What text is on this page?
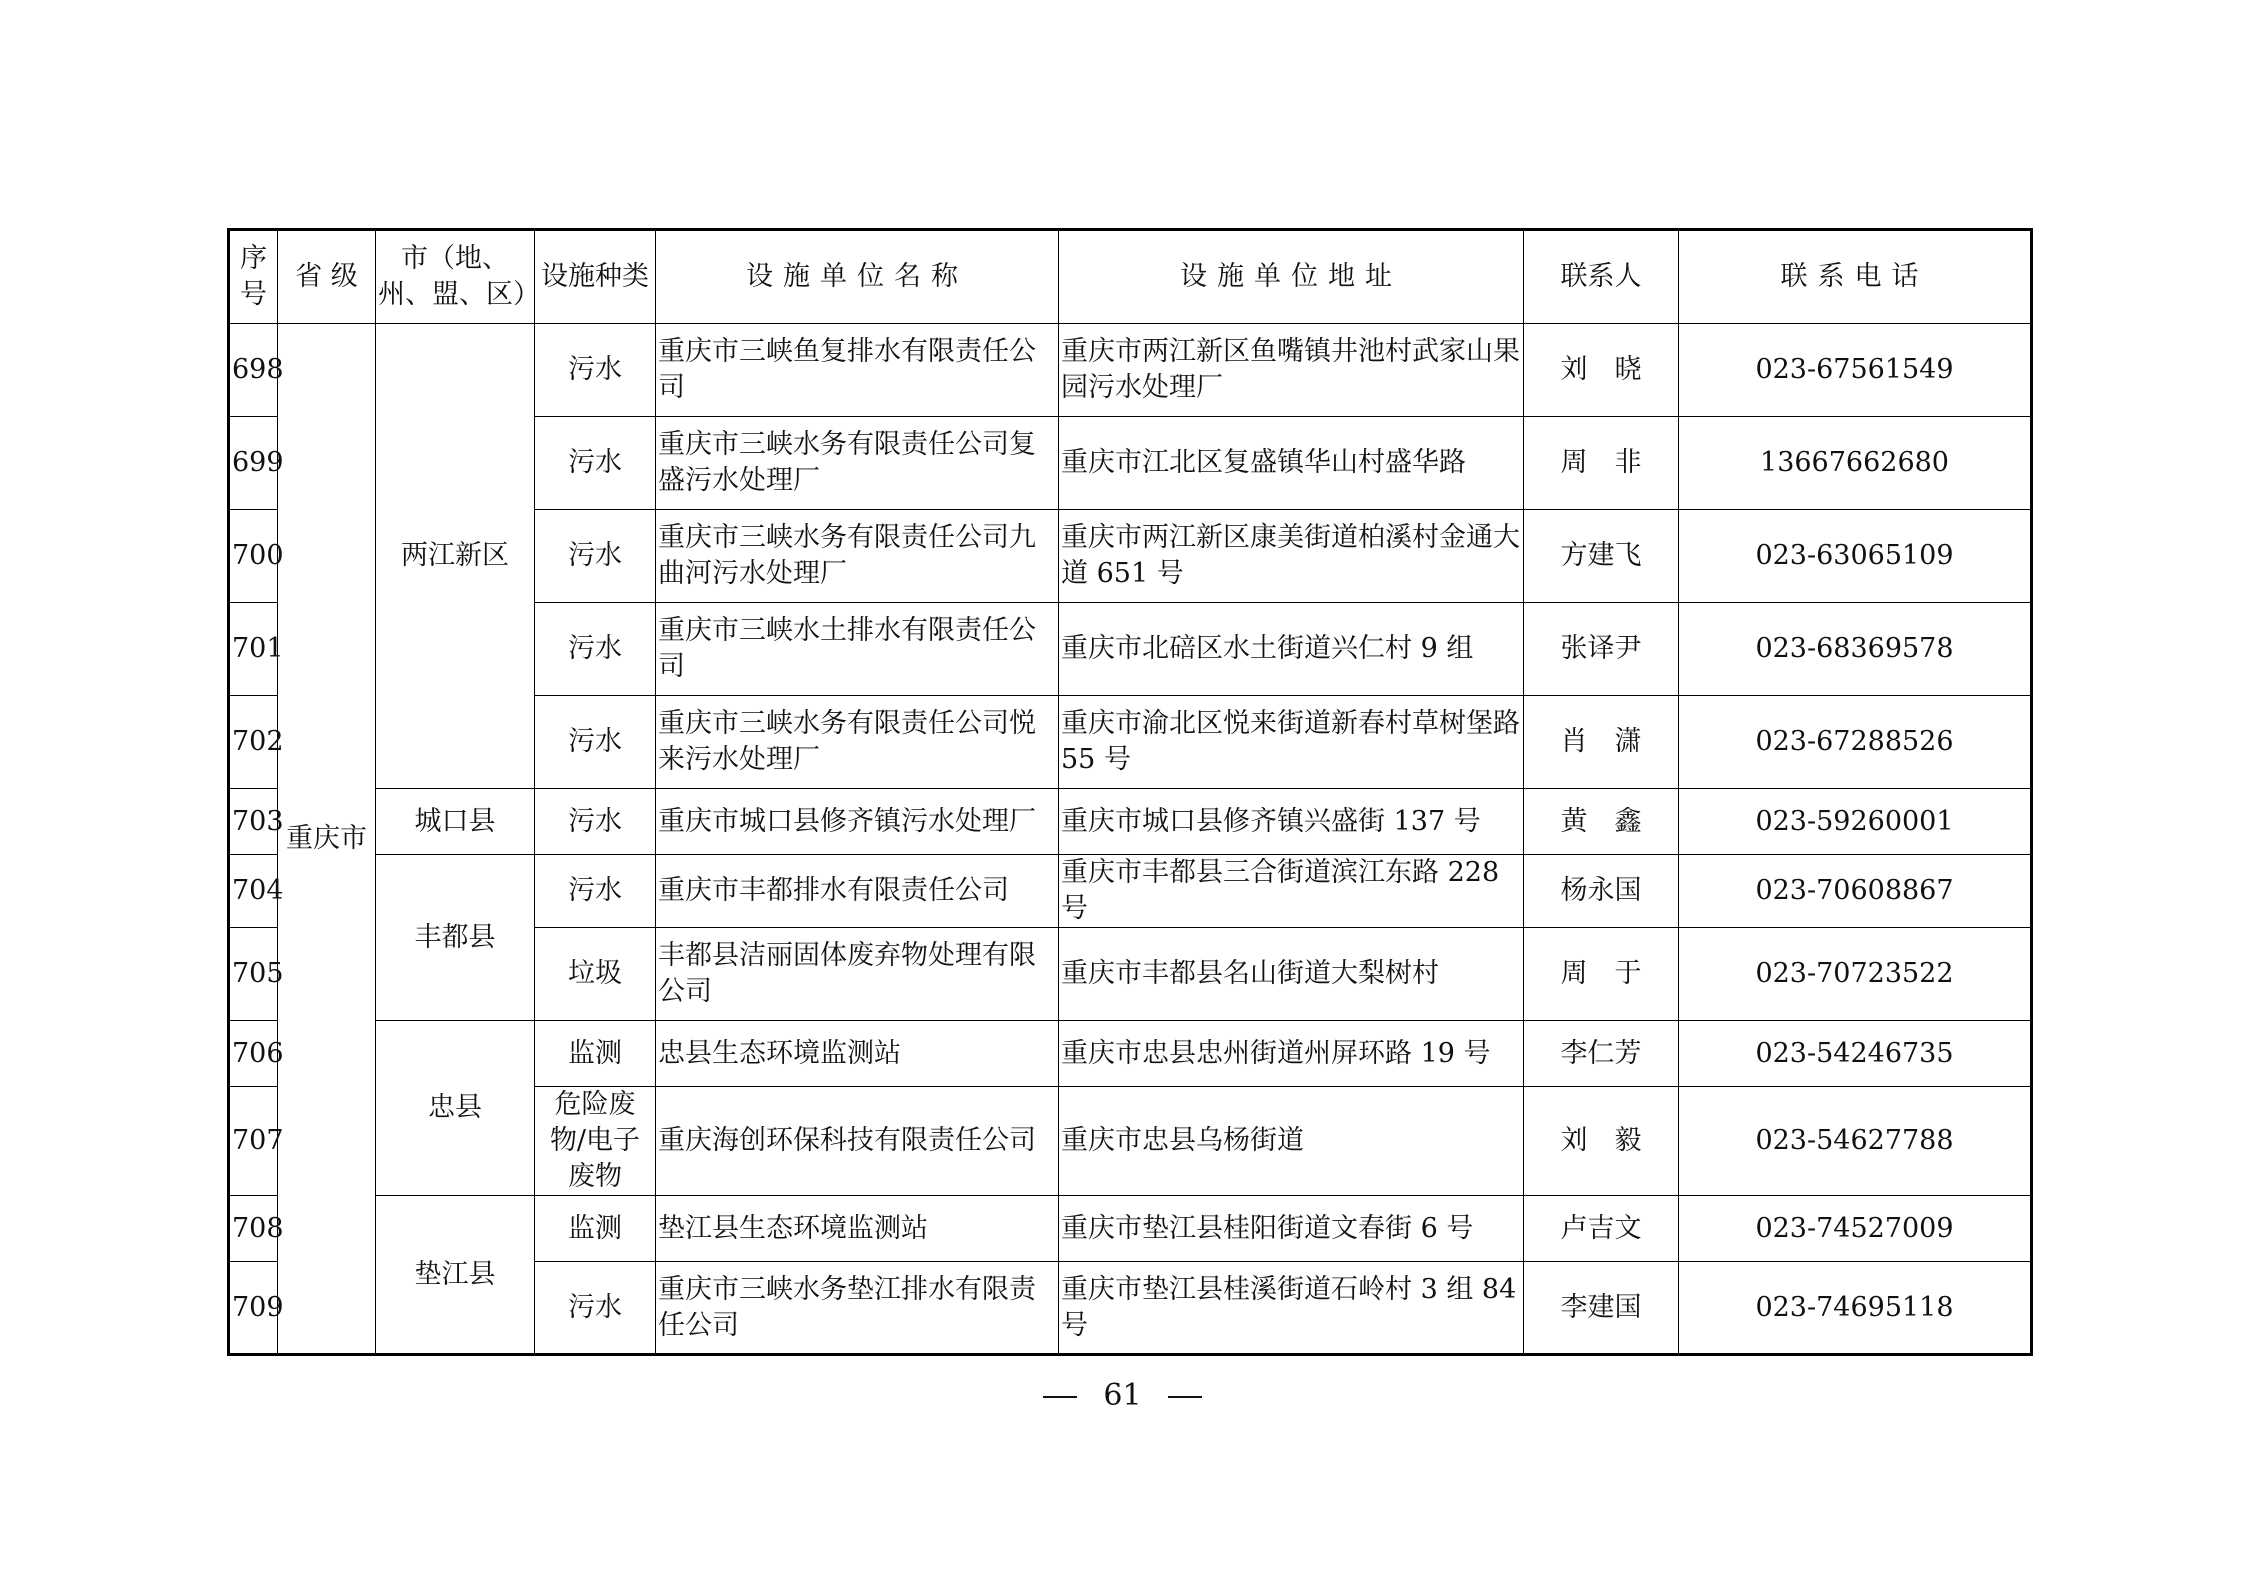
序号	省 级	市（地、州、盟、区）	设施种类	设施单位名称	设施单位地址	联系人	联系电话
698	重庆市	两江新区	污水	重庆市三峡鱼复排水有限责任公司	重庆市两江新区鱼嘴镇井池村武家山果园污水处理厂	刘　晓	023-67561549
699			污水	重庆市三峡水务有限责任公司复盛污水处理厂	重庆市江北区复盛镇华山村盛华路	周　非	13667662680
700			污水	重庆市三峡水务有限责任公司九曲河污水处理厂	重庆市两江新区康美街道柏溪村金通大道 651 号	方建飞	023-63065109
701			污水	重庆市三峡水土排水有限责任公司	重庆市北碚区水土街道兴仁村 9 组	张译尹	023-68369578
702			污水	重庆市三峡水务有限责任公司悦来污水处理厂	重庆市渝北区悦来街道新春村草树堡路 55 号	肖　潇	023-67288526
703		城口县	污水	重庆市城口县修齐镇污水处理厂	重庆市城口县修齐镇兴盛街 137 号	黄　鑫	023-59260001
704		丰都县	污水	重庆市丰都排水有限责任公司	重庆市丰都县三合街道滨江东路 228 号	杨永国	023-70608867
705			垃圾	丰都县洁丽固体废弃物处理有限公司	重庆市丰都县名山街道大梨树村	周　于	023-70723522
706		忠县	监测	忠县生态环境监测站	重庆市忠县忠州街道州屏环路 19 号	李仁芳	023-54246735
707			危险废物/电子废物	重庆海创环保科技有限责任公司	重庆市忠县乌杨街道	刘　毅	023-54627788
708		垫江县	监测	垫江县生态环境监测站	重庆市垫江县桂阳街道文春街 6 号	卢吉文	023-74527009
709			污水	重庆市三峡水务垫江排水有限责任公司	重庆市垫江县桂溪街道石岭村 3 组 84 号	李建国	023-74695118
61
